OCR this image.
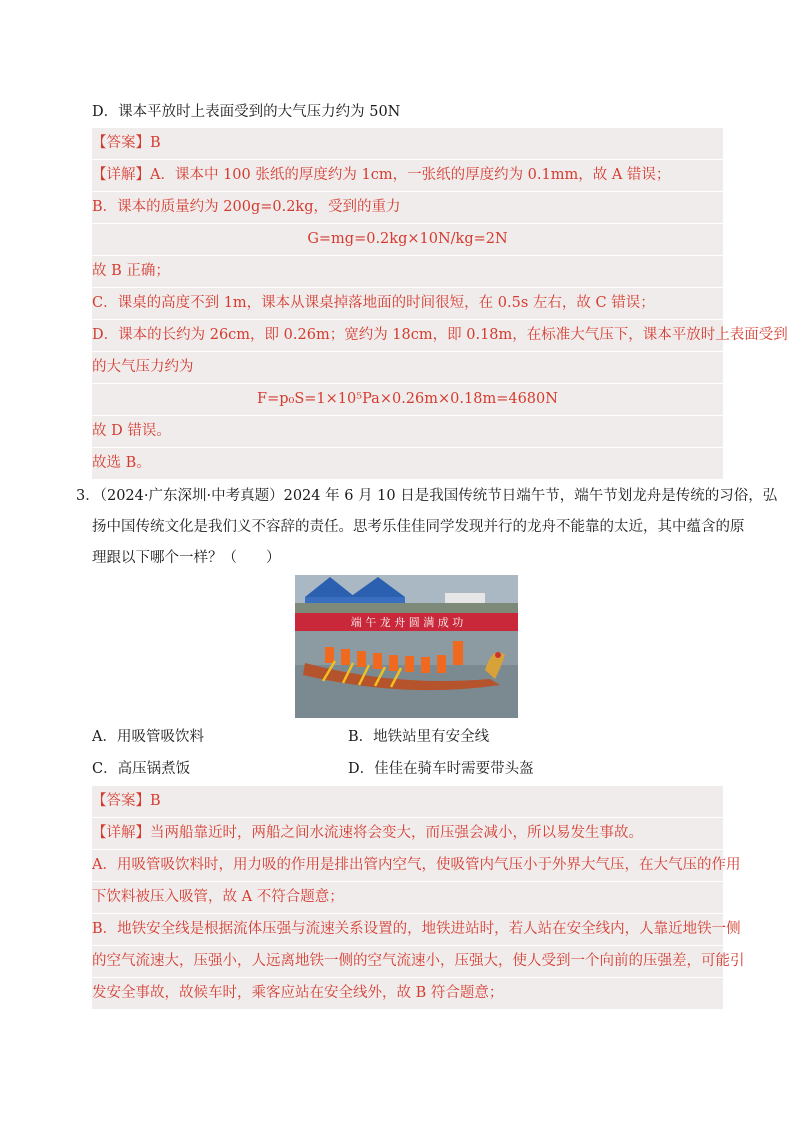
D．课本平放时上表面受到的大气压力约为 50N
【答案】B
【详解】A．课本中 100 张纸的厚度约为 1cm，一张纸的厚度约为 0.1mm，故 A 错误；
B．课本的质量约为 200g=0.2kg，受到的重力
G=mg=0.2kg×10N/kg=2N
故 B 正确；
C．课桌的高度不到 1m，课本从课桌掉落地面的时间很短，在 0.5s 左右，故 C 错误；
D．课本的长约为 26cm，即 0.26m；宽约为 18cm，即 0.18m，在标准大气压下，课本平放时上表面受到
的大气压力约为
F=p₀S=1×10⁵Pa×0.26m×0.18m=4680N
故 D 错误。
故选 B。
3．（2024·广东深圳·中考真题）2024 年 6 月 10 日是我国传统节日端午节，端午节划龙舟是传统的习俗，弘
扬中国传统文化是我们义不容辞的责任。思考乐佳佳同学发现并行的龙舟不能靠的太近，其中蕴含的原
理跟以下哪个一样？（　　）
端 午 龙 舟 圆 满 成 功
A．用吸管吸饮料	B．地铁站里有安全线
C．高压锅煮饭	D．佳佳在骑车时需要带头盔
【答案】B
【详解】当两船靠近时，两船之间水流速将会变大，而压强会减小，所以易发生事故。
A．用吸管吸饮料时，用力吸的作用是排出管内空气，使吸管内气压小于外界大气压，在大气压的作用
下饮料被压入吸管，故 A 不符合题意；
B．地铁安全线是根据流体压强与流速关系设置的，地铁进站时，若人站在安全线内，人靠近地铁一侧
的空气流速大，压强小，人远离地铁一侧的空气流速小，压强大，使人受到一个向前的压强差，可能引
发安全事故，故候车时，乘客应站在安全线外，故 B 符合题意；
